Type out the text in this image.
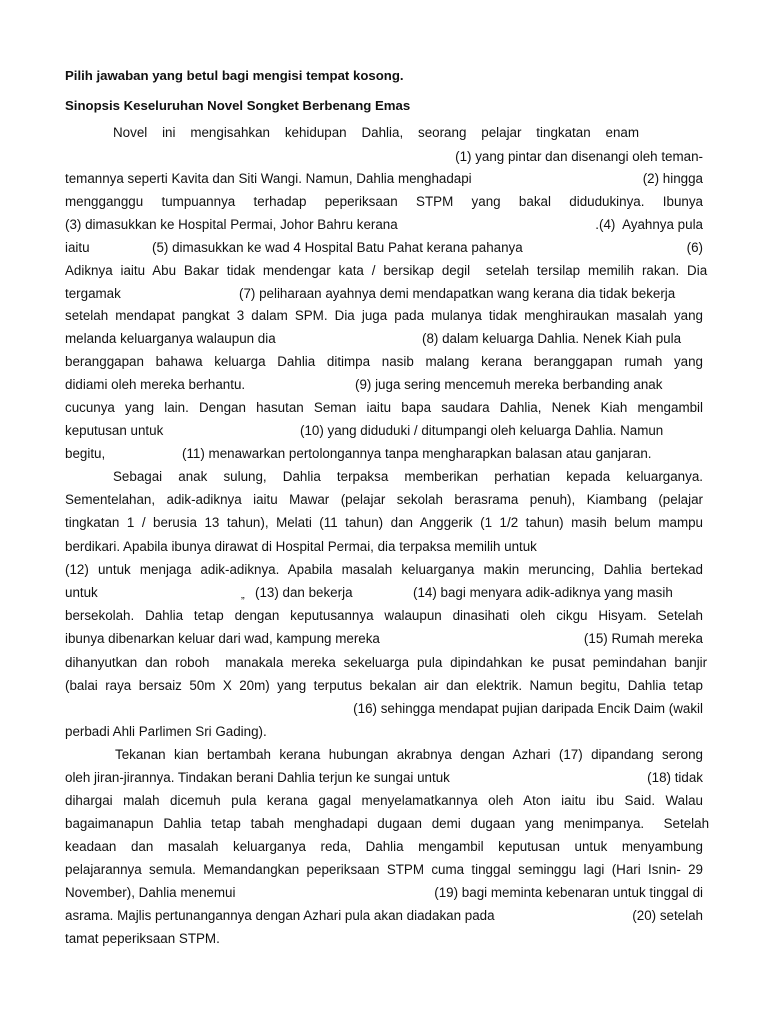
Pilih jawaban yang betul bagi mengisi tempat kosong.
Sinopsis Keseluruhan Novel Songket Berbenang Emas
Novel ini mengisahkan kehidupan Dahlia, seorang pelajar tingkatan enam
(1) yang pintar dan disenangi oleh teman-
temannya seperti Kavita dan Siti Wangi. Namun, Dahlia menghadapi	(2) hingga
mengganggu tumpuannya terhadap peperiksaan STPM yang bakal didudukinya. Ibunya
(3) dimasukkan ke Hospital Permai, Johor Bahru kerana	.(4)  Ayahnya pula
iaitu	(5) dimasukkan ke wad 4 Hospital Batu Pahat kerana pahanya	(6)
Adiknya iaitu Abu Bakar tidak mendengar kata / bersikap degil  setelah tersilap memilih rakan. Dia
tergamak	(7) peliharaan ayahnya demi mendapatkan wang kerana dia tidak bekerja
setelah mendapat pangkat 3 dalam SPM. Dia juga pada mulanya tidak menghiraukan masalah yang
melanda keluarganya walaupun dia	(8) dalam keluarga Dahlia. Nenek Kiah pula
beranggapan bahawa keluarga Dahlia ditimpa nasib malang kerana beranggapan rumah yang
didiami oleh mereka berhantu.	(9) juga sering mencemuh mereka berbanding anak
cucunya yang lain. Dengan hasutan Seman iaitu bapa saudara Dahlia, Nenek Kiah mengambil
keputusan untuk	(10) yang diduduki / ditumpangi oleh keluarga Dahlia. Namun
begitu,	(11) menawarkan pertolongannya tanpa mengharapkan balasan atau ganjaran.
Sebagai anak sulung, Dahlia terpaksa memberikan perhatian kepada keluarganya.
Sementelahan, adik-adiknya iaitu Mawar (pelajar sekolah berasrama penuh), Kiambang (pelajar
tingkatan 1 / berusia 13 tahun), Melati (11 tahun) dan Anggerik (1 1/2 tahun) masih belum mampu
berdikari. Apabila ibunya dirawat di Hospital Permai, dia terpaksa memilih untuk
(12) untuk menjaga adik-adiknya. Apabila masalah keluarganya makin meruncing, Dahlia bertekad
untuk	„ (13) dan bekerja	(14) bagi menyara adik-adiknya yang masih
bersekolah. Dahlia tetap dengan keputusannya walaupun dinasihati oleh cikgu Hisyam. Setelah
ibunya dibenarkan keluar dari wad, kampung mereka	(15) Rumah mereka
dihanyutkan dan roboh  manakala mereka sekeluarga pula dipindahkan ke pusat pemindahan banjir
(balai raya bersaiz 50m X 20m) yang terputus bekalan air dan elektrik. Namun begitu, Dahlia tetap
(16) sehingga mendapat pujian daripada Encik Daim (wakil
perbadi Ahli Parlimen Sri Gading).
Tekanan kian bertambah kerana hubungan akrabnya dengan Azhari (17) dipandang serong
oleh jiran-jirannya. Tindakan berani Dahlia terjun ke sungai untuk	(18) tidak
dihargai malah dicemuh pula kerana gagal menyelamatkannya oleh Aton iaitu ibu Said. Walau
bagaimanapun Dahlia tetap tabah menghadapi dugaan demi dugaan yang menimpanya.  Setelah
keadaan dan masalah keluarganya reda, Dahlia mengambil keputusan untuk menyambung
pelajarannya semula. Memandangkan peperiksaan STPM cuma tinggal seminggu lagi (Hari Isnin- 29
November), Dahlia menemui	(19) bagi meminta kebenaran untuk tinggal di
asrama. Majlis pertunangannya dengan Azhari pula akan diadakan pada	(20) setelah
tamat peperiksaan STPM.
